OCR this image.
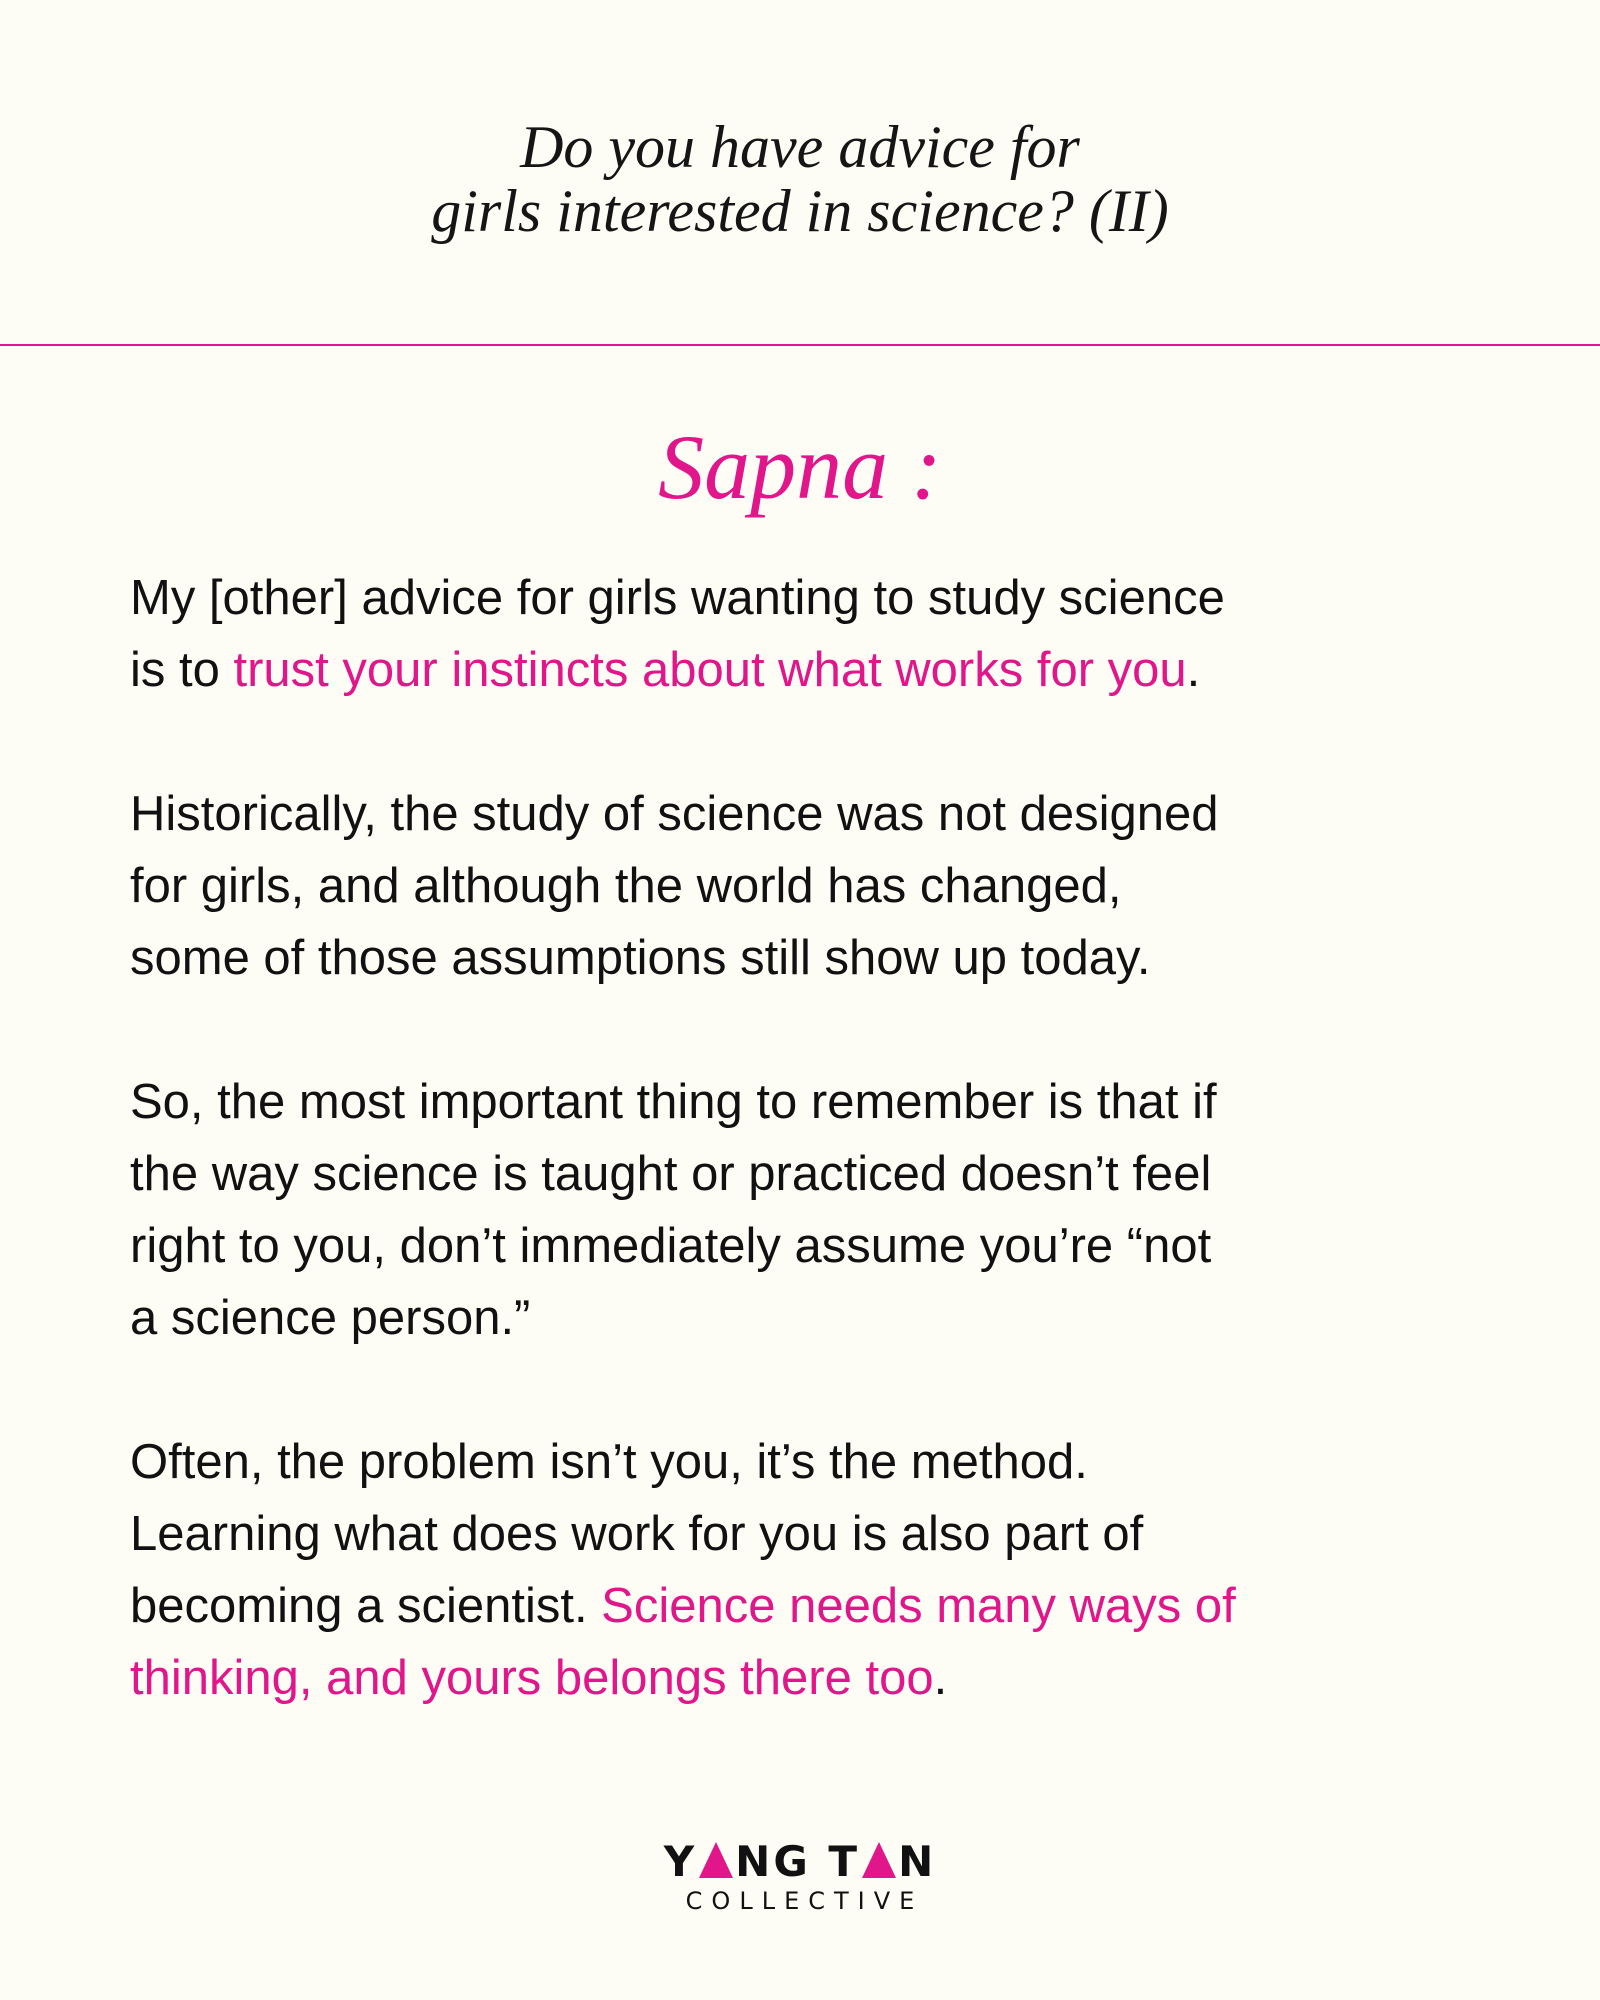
Do you have advice for
girls interested in science? (II)
Sapna :

My [other] advice for girls wanting to study science
is to trust your instincts about what works for you.

Historically, the study of science was not designed
for girls, and although the world has changed,
some of those assumptions still show up today.

So, the most important thing to remember is that if
the way science is taught or practiced doesn’t feel
right to you, don’t immediately assume you’re “not
a science person.”

Often, the problem isn’t you, it’s the method.
Learning what does work for you is also part of
becoming a scientist. Science needs many ways of
thinking, and yours belongs there too.

Y NG T N
COLLECTIVE
